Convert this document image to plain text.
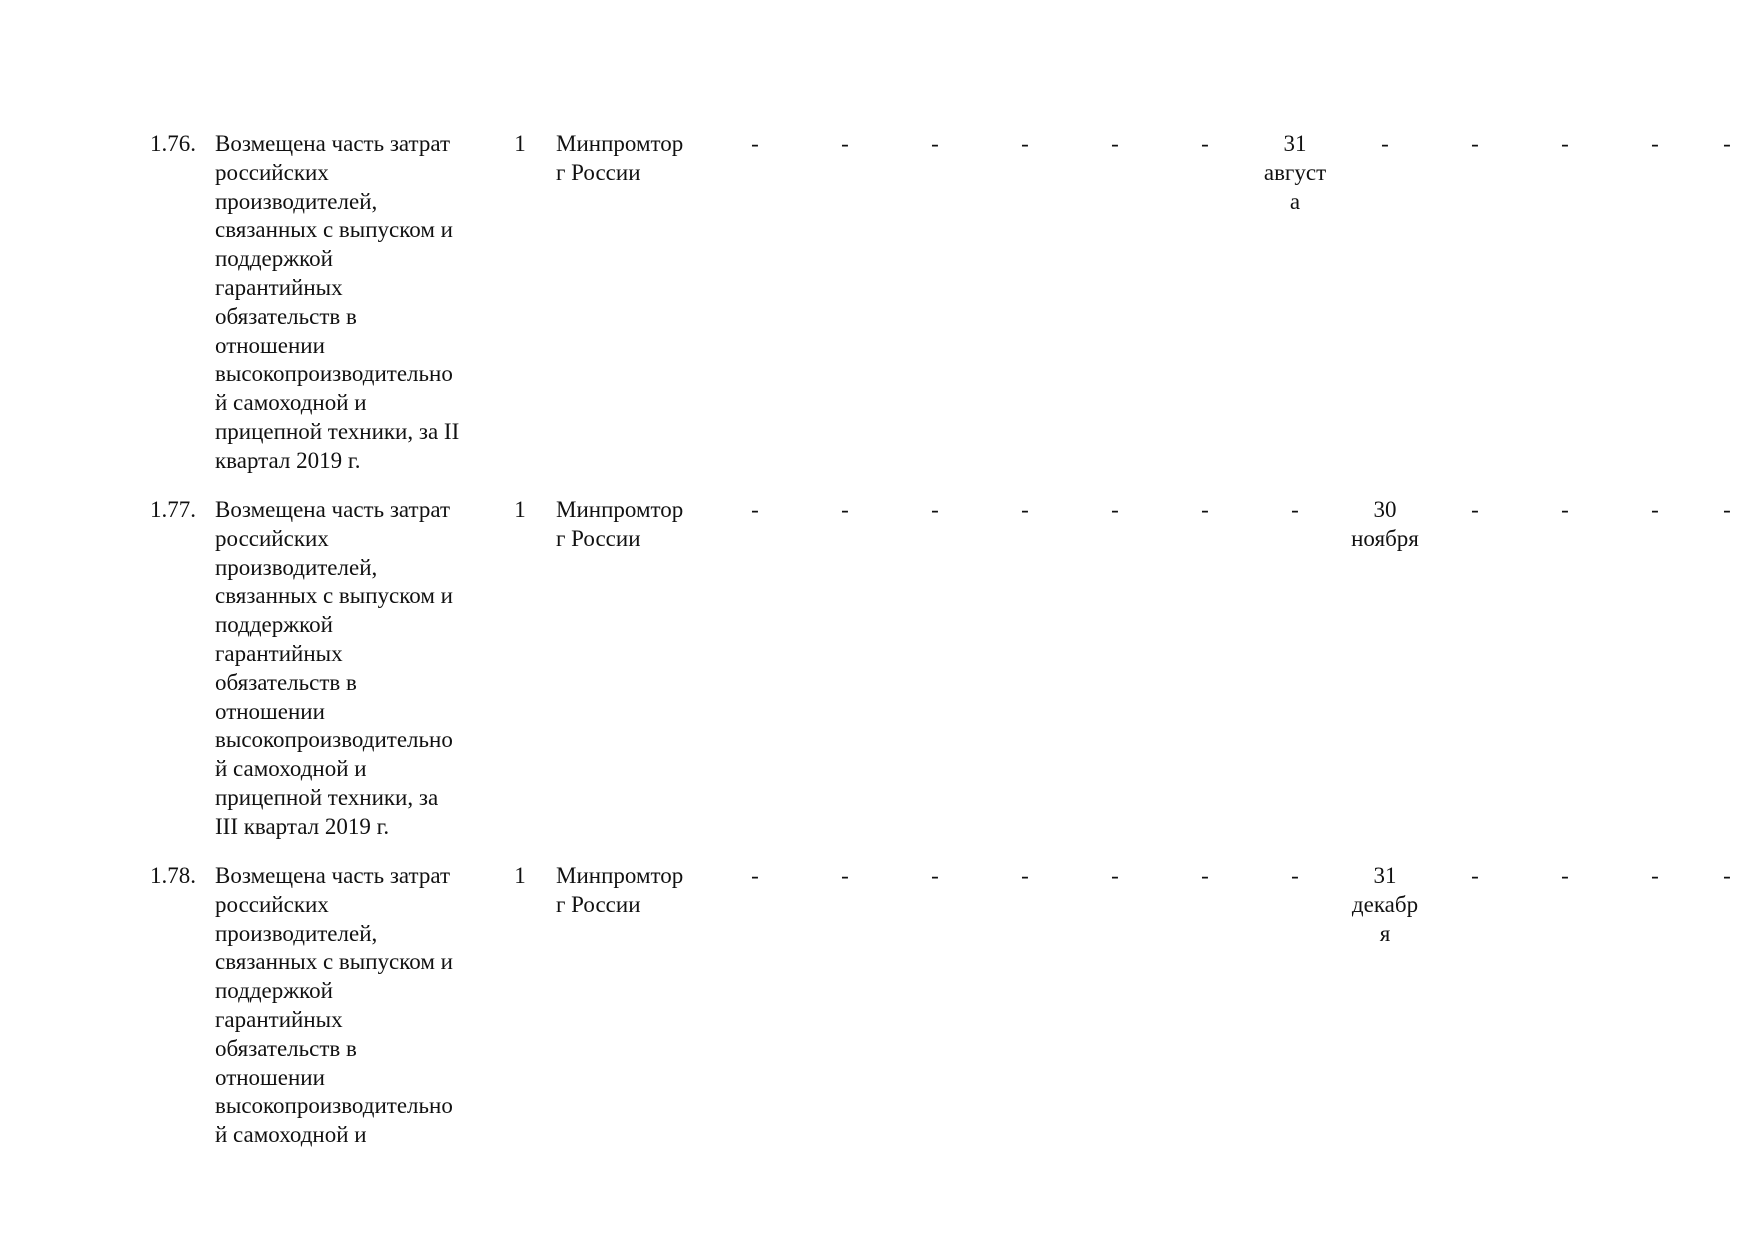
1.76. Возмещена часть затрат
российских
производителей,
связанных с выпуском и
поддержкой
гарантийных
обязательств в
отношении
высокопроизводительно
й самоходной и
прицепной техники, за II
квартал 2019 г.
1 Минпромтор
г России
-	-	-	-	-	-	31
август
а
-	-	-	-	-
1.77. Возмещена часть затрат
российских
производителей,
связанных с выпуском и
поддержкой
гарантийных
обязательств в
отношении
высокопроизводительно
й самоходной и
прицепной техники, за
III квартал 2019 г.
1 Минпромтор
г России
-	-	-	-	-	-	-	30
ноября
-	-	-	-
1.78. Возмещена часть затрат
российских
производителей,
связанных с выпуском и
поддержкой
гарантийных
обязательств в
отношении
высокопроизводительно
й самоходной и
1 Минпромтор
г России
-	-	-	-	-	-	-	31
декабр
я
-	-	-	-
